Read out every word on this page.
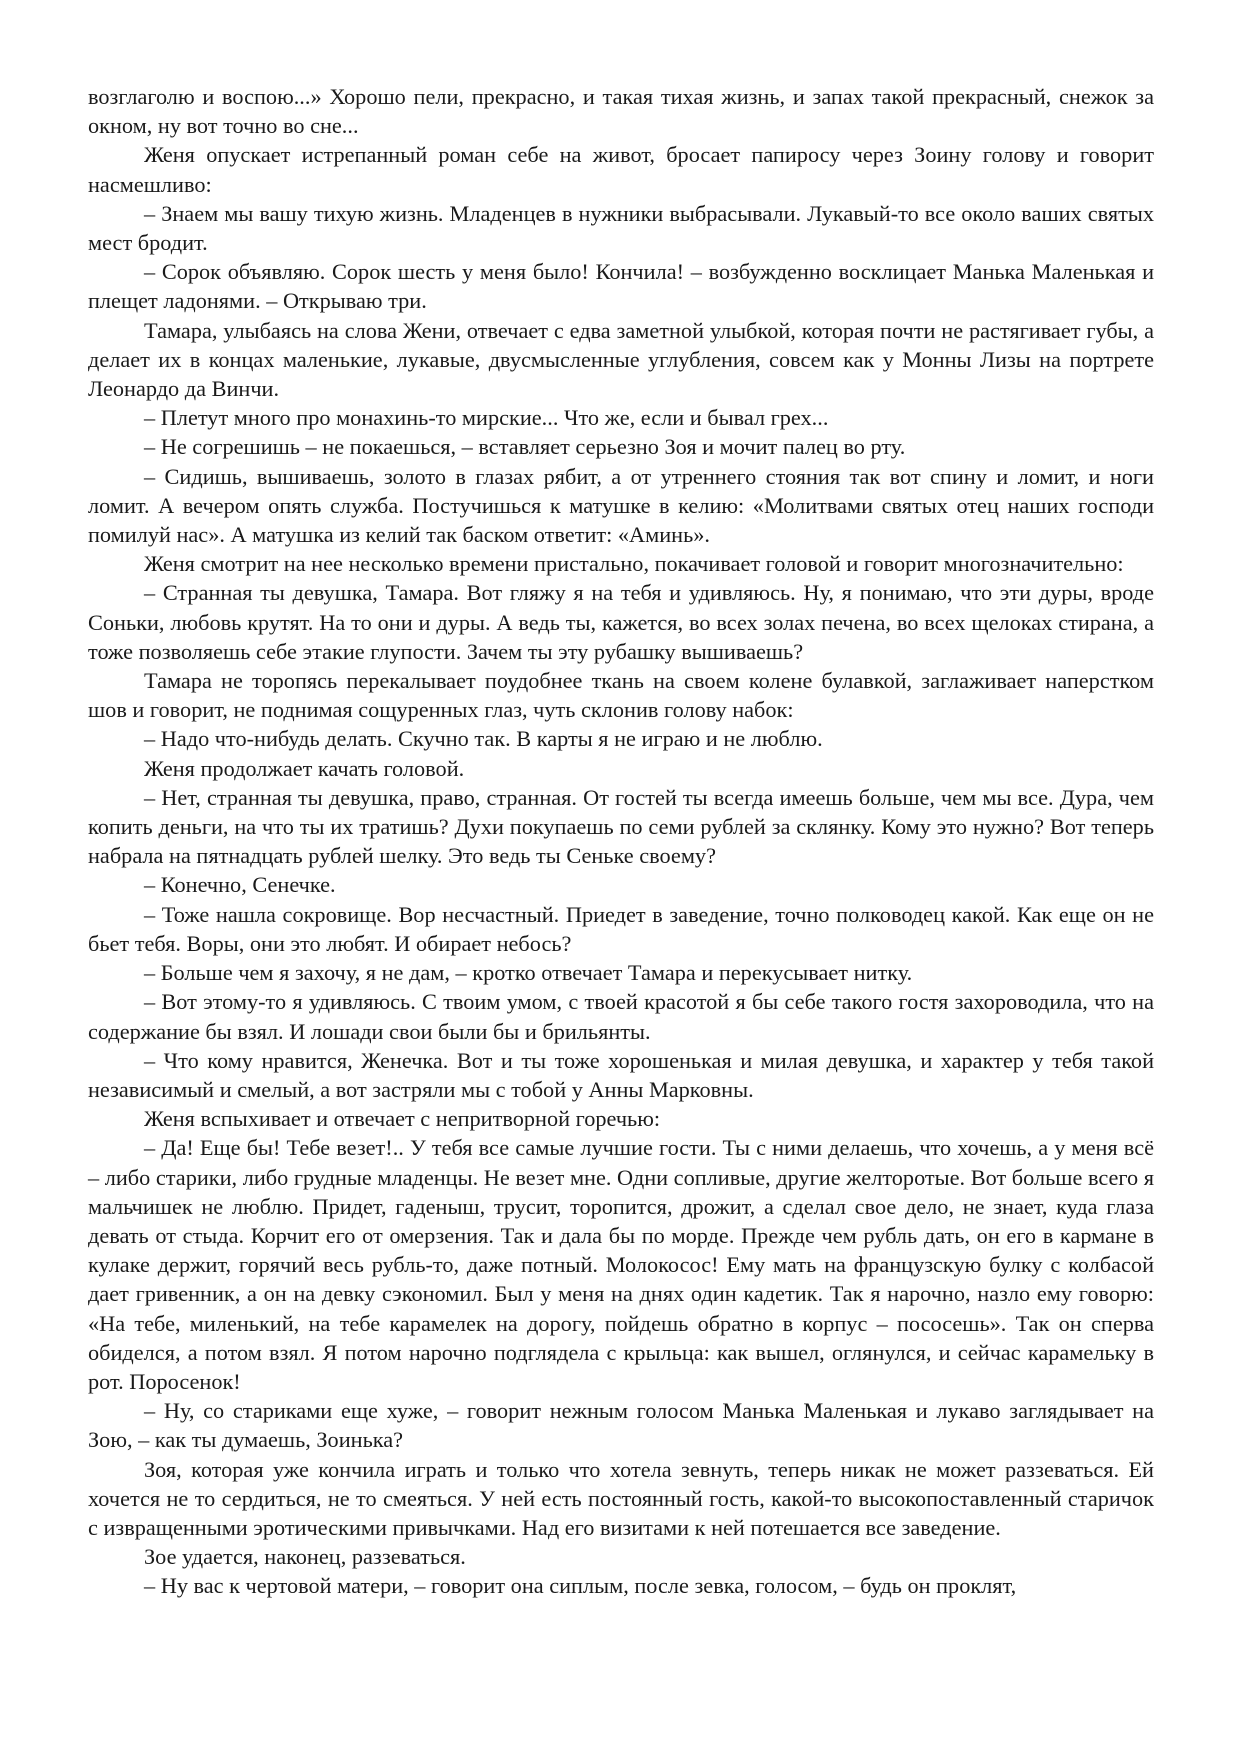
возглаголю и воспою...» Хорошо пели, прекрасно, и такая тихая жизнь, и запах такой прекрасный, снежок за окном, ну вот точно во сне...

Женя опускает истрепанный роман себе на живот, бросает папиросу через Зоину голову и говорит насмешливо:

– Знаем мы вашу тихую жизнь. Младенцев в нужники выбрасывали. Лукавый-то все около ваших святых мест бродит.

– Сорок объявляю. Сорок шесть у меня было! Кончила! – возбужденно восклицает Манька Маленькая и плещет ладонями. – Открываю три.

Тамара, улыбаясь на слова Жени, отвечает с едва заметной улыбкой, которая почти не растягивает губы, а делает их в концах маленькие, лукавые, двусмысленные углубления, совсем как у Монны Лизы на портрете Леонардо да Винчи.

– Плетут много про монахинь-то мирские... Что же, если и бывал грех...

– Не согрешишь – не покаешься, – вставляет серьезно Зоя и мочит палец во рту.

– Сидишь, вышиваешь, золото в глазах рябит, а от утреннего стояния так вот спину и ломит, и ноги ломит. А вечером опять служба. Постучишься к матушке в келию: «Молитвами святых отец наших господи помилуй нас». А матушка из келий так баском ответит: «Аминь».

Женя смотрит на нее несколько времени пристально, покачивает головой и говорит многозначительно:

– Странная ты девушка, Тамара. Вот гляжу я на тебя и удивляюсь. Ну, я понимаю, что эти дуры, вроде Соньки, любовь крутят. На то они и дуры. А ведь ты, кажется, во всех золах печена, во всех щелоках стирана, а тоже позволяешь себе этакие глупости. Зачем ты эту рубашку вышиваешь?

Тамара не торопясь перекалывает поудобнее ткань на своем колене булавкой, заглаживает наперстком шов и говорит, не поднимая сощуренных глаз, чуть склонив голову набок:

– Надо что-нибудь делать. Скучно так. В карты я не играю и не люблю.

Женя продолжает качать головой.

– Нет, странная ты девушка, право, странная. От гостей ты всегда имеешь больше, чем мы все. Дура, чем копить деньги, на что ты их тратишь? Духи покупаешь по семи рублей за склянку. Кому это нужно? Вот теперь набрала на пятнадцать рублей шелку. Это ведь ты Сеньке своему?

– Конечно, Сенечке.

– Тоже нашла сокровище. Вор несчастный. Приедет в заведение, точно полководец какой. Как еще он не бьет тебя. Воры, они это любят. И обирает небось?

– Больше чем я захочу, я не дам, – кротко отвечает Тамара и перекусывает нитку.

– Вот этому-то я удивляюсь. С твоим умом, с твоей красотой я бы себе такого гостя захороводила, что на содержание бы взял. И лошади свои были бы и брильянты.

– Что кому нравится, Женечка. Вот и ты тоже хорошенькая и милая девушка, и характер у тебя такой независимый и смелый, а вот застряли мы с тобой у Анны Марковны.

Женя вспыхивает и отвечает с непритворной горечью:

– Да! Еще бы! Тебе везет!.. У тебя все самые лучшие гости. Ты с ними делаешь, что хочешь, а у меня всё – либо старики, либо грудные младенцы. Не везет мне. Одни сопливые, другие желторотые. Вот больше всего я мальчишек не люблю. Придет, гаденыш, трусит, торопится, дрожит, а сделал свое дело, не знает, куда глаза девать от стыда. Корчит его от омерзения. Так и дала бы по морде. Прежде чем рубль дать, он его в кармане в кулаке держит, горячий весь рубль-то, даже потный. Молокосос! Ему мать на французскую булку с колбасой дает гривенник, а он на девку сэкономил. Был у меня на днях один кадетик. Так я нарочно, назло ему говорю: «На тебе, миленький, на тебе карамелек на дорогу, пойдешь обратно в корпус – пососешь». Так он сперва обиделся, а потом взял. Я потом нарочно подглядела с крыльца: как вышел, оглянулся, и сейчас карамельку в рот. Поросенок!

– Ну, со стариками еще хуже, – говорит нежным голосом Манька Маленькая и лукаво заглядывает на Зою, – как ты думаешь, Зоинька?

Зоя, которая уже кончила играть и только что хотела зевнуть, теперь никак не может раззеваться. Ей хочется не то сердиться, не то смеяться. У ней есть постоянный гость, какой-то высокопоставленный старичок с извращенными эротическими привычками. Над его визитами к ней потешается все заведение.

Зое удается, наконец, раззеваться.

– Ну вас к чертовой матери, – говорит она сиплым, после зевка, голосом, – будь он проклят,
